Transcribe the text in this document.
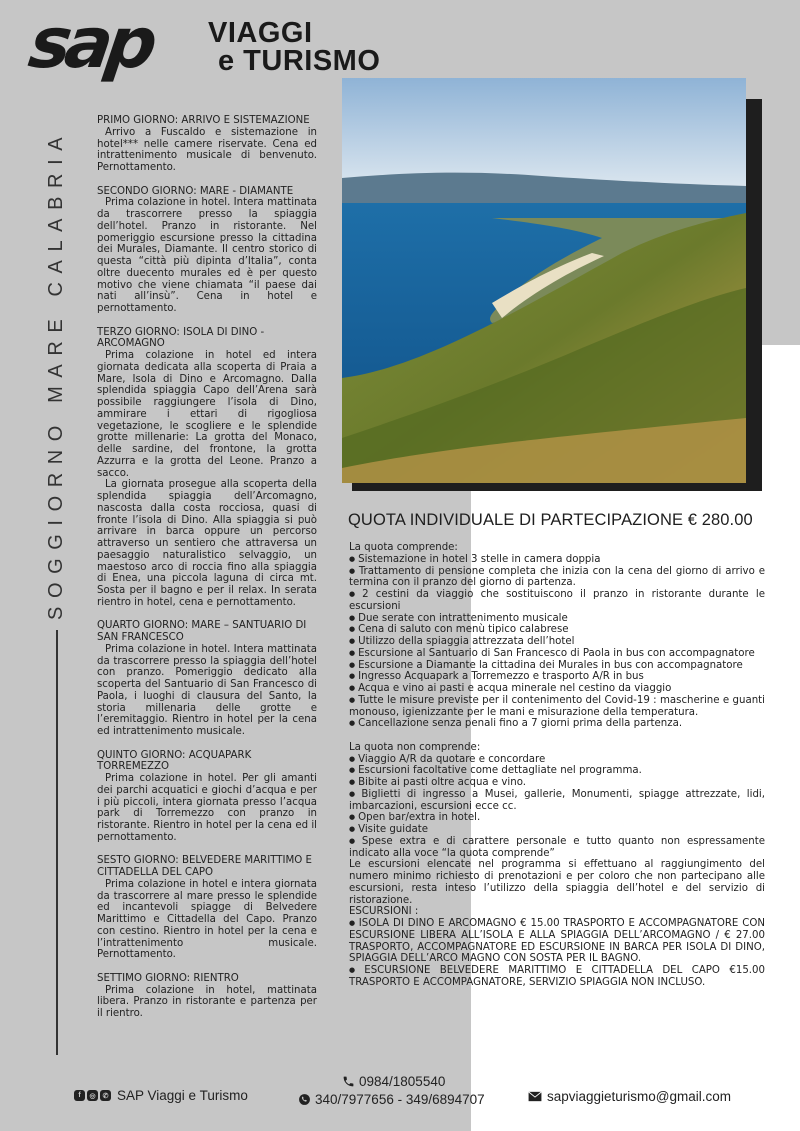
sap VIAGGI
e TURISMO
SOGGIORNO MARE CALABRIA
PRIMO GIORNO: ARRIVO E SISTEMAZIONE

Arrivo a Fuscaldo e sistemazione in hotel*** nelle camere riservate. Cena ed intrattenimento musicale di benvenuto. Pernottamento.

SECONDO GIORNO: MARE - DIAMANTE

Prima colazione in hotel. Intera mattinata da trascorrere presso la spiaggia dell’hotel. Pranzo in ristorante. Nel pomeriggio escursione presso la cittadina dei Murales, Diamante. Il centro storico di questa “città più dipinta d’Italia”, conta oltre duecento murales ed è per questo motivo che viene chiamata “il paese dai nati all’insù”. Cena in hotel e pernottamento.

TERZO GIORNO: ISOLA DI DINO - ARCOMAGNO

Prima colazione in hotel ed intera giornata dedicata alla scoperta di Praia a Mare, Isola di Dino e Arcomagno. Dalla splendida spiaggia Capo dell’Arena sarà possibile raggiungere l’isola di Dino, ammirare i ettari di rigogliosa vegetazione, le scogliere e le splendide grotte millenarie: La grotta del Monaco, delle sardine, del frontone, la grotta Azzurra e la grotta del Leone. Pranzo a sacco.

La giornata prosegue alla scoperta della splendida spiaggia dell’Arcomagno, nascosta dalla costa rocciosa, quasi di fronte l’isola di Dino. Alla spiaggia si può arrivare in barca oppure un percorso attraverso un sentiero che attraversa un paesaggio naturalistico selvaggio, un maestoso arco di roccia fino alla spiaggia di Enea, una piccola laguna di circa mt. Sosta per il bagno e per il relax. In serata rientro in hotel, cena e pernottamento.

QUARTO GIORNO: MARE – SANTUARIO DI SAN FRANCESCO

Prima colazione in hotel. Intera mattinata da trascorrere presso la spiaggia dell’hotel con pranzo. Pomeriggio dedicato alla scoperta del Santuario di San Francesco di Paola, i luoghi di clausura del Santo, la storia millenaria delle grotte e l’eremitaggio. Rientro in hotel per la cena ed intrattenimento musicale.

QUINTO GIORNO: ACQUAPARK TORREMEZZO

Prima colazione in hotel. Per gli amanti dei parchi acquatici e giochi d’acqua e per i più piccoli, intera giornata presso l’acqua park di Torremezzo con pranzo in ristorante. Rientro in hotel per la cena ed il pernottamento.

SESTO GIORNO: BELVEDERE MARITTIMO E CITTADELLA DEL CAPO

Prima colazione in hotel e intera giornata da trascorrere al mare presso le splendide ed incantevoli spiagge di Belvedere Marittimo e Cittadella del Capo. Pranzo con cestino. Rientro in hotel per la cena e l’intrattenimento musicale. Pernottamento.

SETTIMO GIORNO: RIENTRO

Prima colazione in hotel, mattinata libera. Pranzo in ristorante e partenza per il rientro.

QUOTA INDIVIDUALE DI PARTECIPAZIONE € 280.00

La quota comprende:

● Sistemazione in hotel 3 stelle in camera doppia
● Trattamento di pensione completa che inizia con la cena del giorno di arrivo e termina con il pranzo del giorno di partenza.
● 2 cestini da viaggio che sostituiscono il pranzo in ristorante durante le escursioni
● Due serate con intrattenimento musicale
● Cena di saluto con menù tipico calabrese
● Utilizzo della spiaggia attrezzata dell’hotel
● Escursione al Santuario di San Francesco di Paola in bus con accompagnatore
● Escursione a Diamante la cittadina dei Murales in bus con accompagnatore
● Ingresso Acquapark a Torremezzo e trasporto A/R in bus
● Acqua e vino ai pasti e acqua minerale nel cestino da viaggio
● Tutte le misure previste per il contenimento del Covid-19 : mascherine e guanti monouso, igienizzante per le mani e misurazione della temperatura.
● Cancellazione senza penali fino a 7 giorni prima della partenza.

La quota non comprende:

● Viaggio A/R da quotare e concordare
● Escursioni facoltative come dettagliate nel programma.
● Bibite ai pasti oltre acqua e vino.
● Biglietti di ingresso a Musei, gallerie, Monumenti, spiagge attrezzate, lidi, imbarcazioni, escursioni ecce cc.
● Open bar/extra in hotel.
● Visite guidate
● Spese extra e di carattere personale e tutto quanto non espressamente indicato alla voce “la quota comprende”

Le escursioni elencate nel programma si effettuano al raggiungimento del numero minimo richiesto di prenotazioni e per coloro che non partecipano alle escursioni, resta inteso l’utilizzo della spiaggia dell’hotel e del servizio di ristorazione.

ESCURSIONI :

● ISOLA DI DINO E ARCOMAGNO € 15.00 TRASPORTO E ACCOMPAGNATORE CON ESCURSIONE LIBERA ALL’ISOLA E ALLA SPIAGGIA DELL’ARCOMAGNO / € 27.00 TRASPORTO, ACCOMPAGNATORE ED ESCURSIONE IN BARCA PER ISOLA DI DINO, SPIAGGIA DELL’ARCO MAGNO CON SOSTA PER IL BAGNO.
● ESCURSIONE BELVEDERE MARITTIMO E CITTADELLA DEL CAPO €15.00 TRASPORTO E ACCOMPAGNATORE, SERVIZIO SPIAGGIA NON INCLUSO.
f	◎	✆ SAP Viaggi e Turismo
0984/1805540
340/7977656 - 349/6894707	sapviaggieturismo@gmail.com
